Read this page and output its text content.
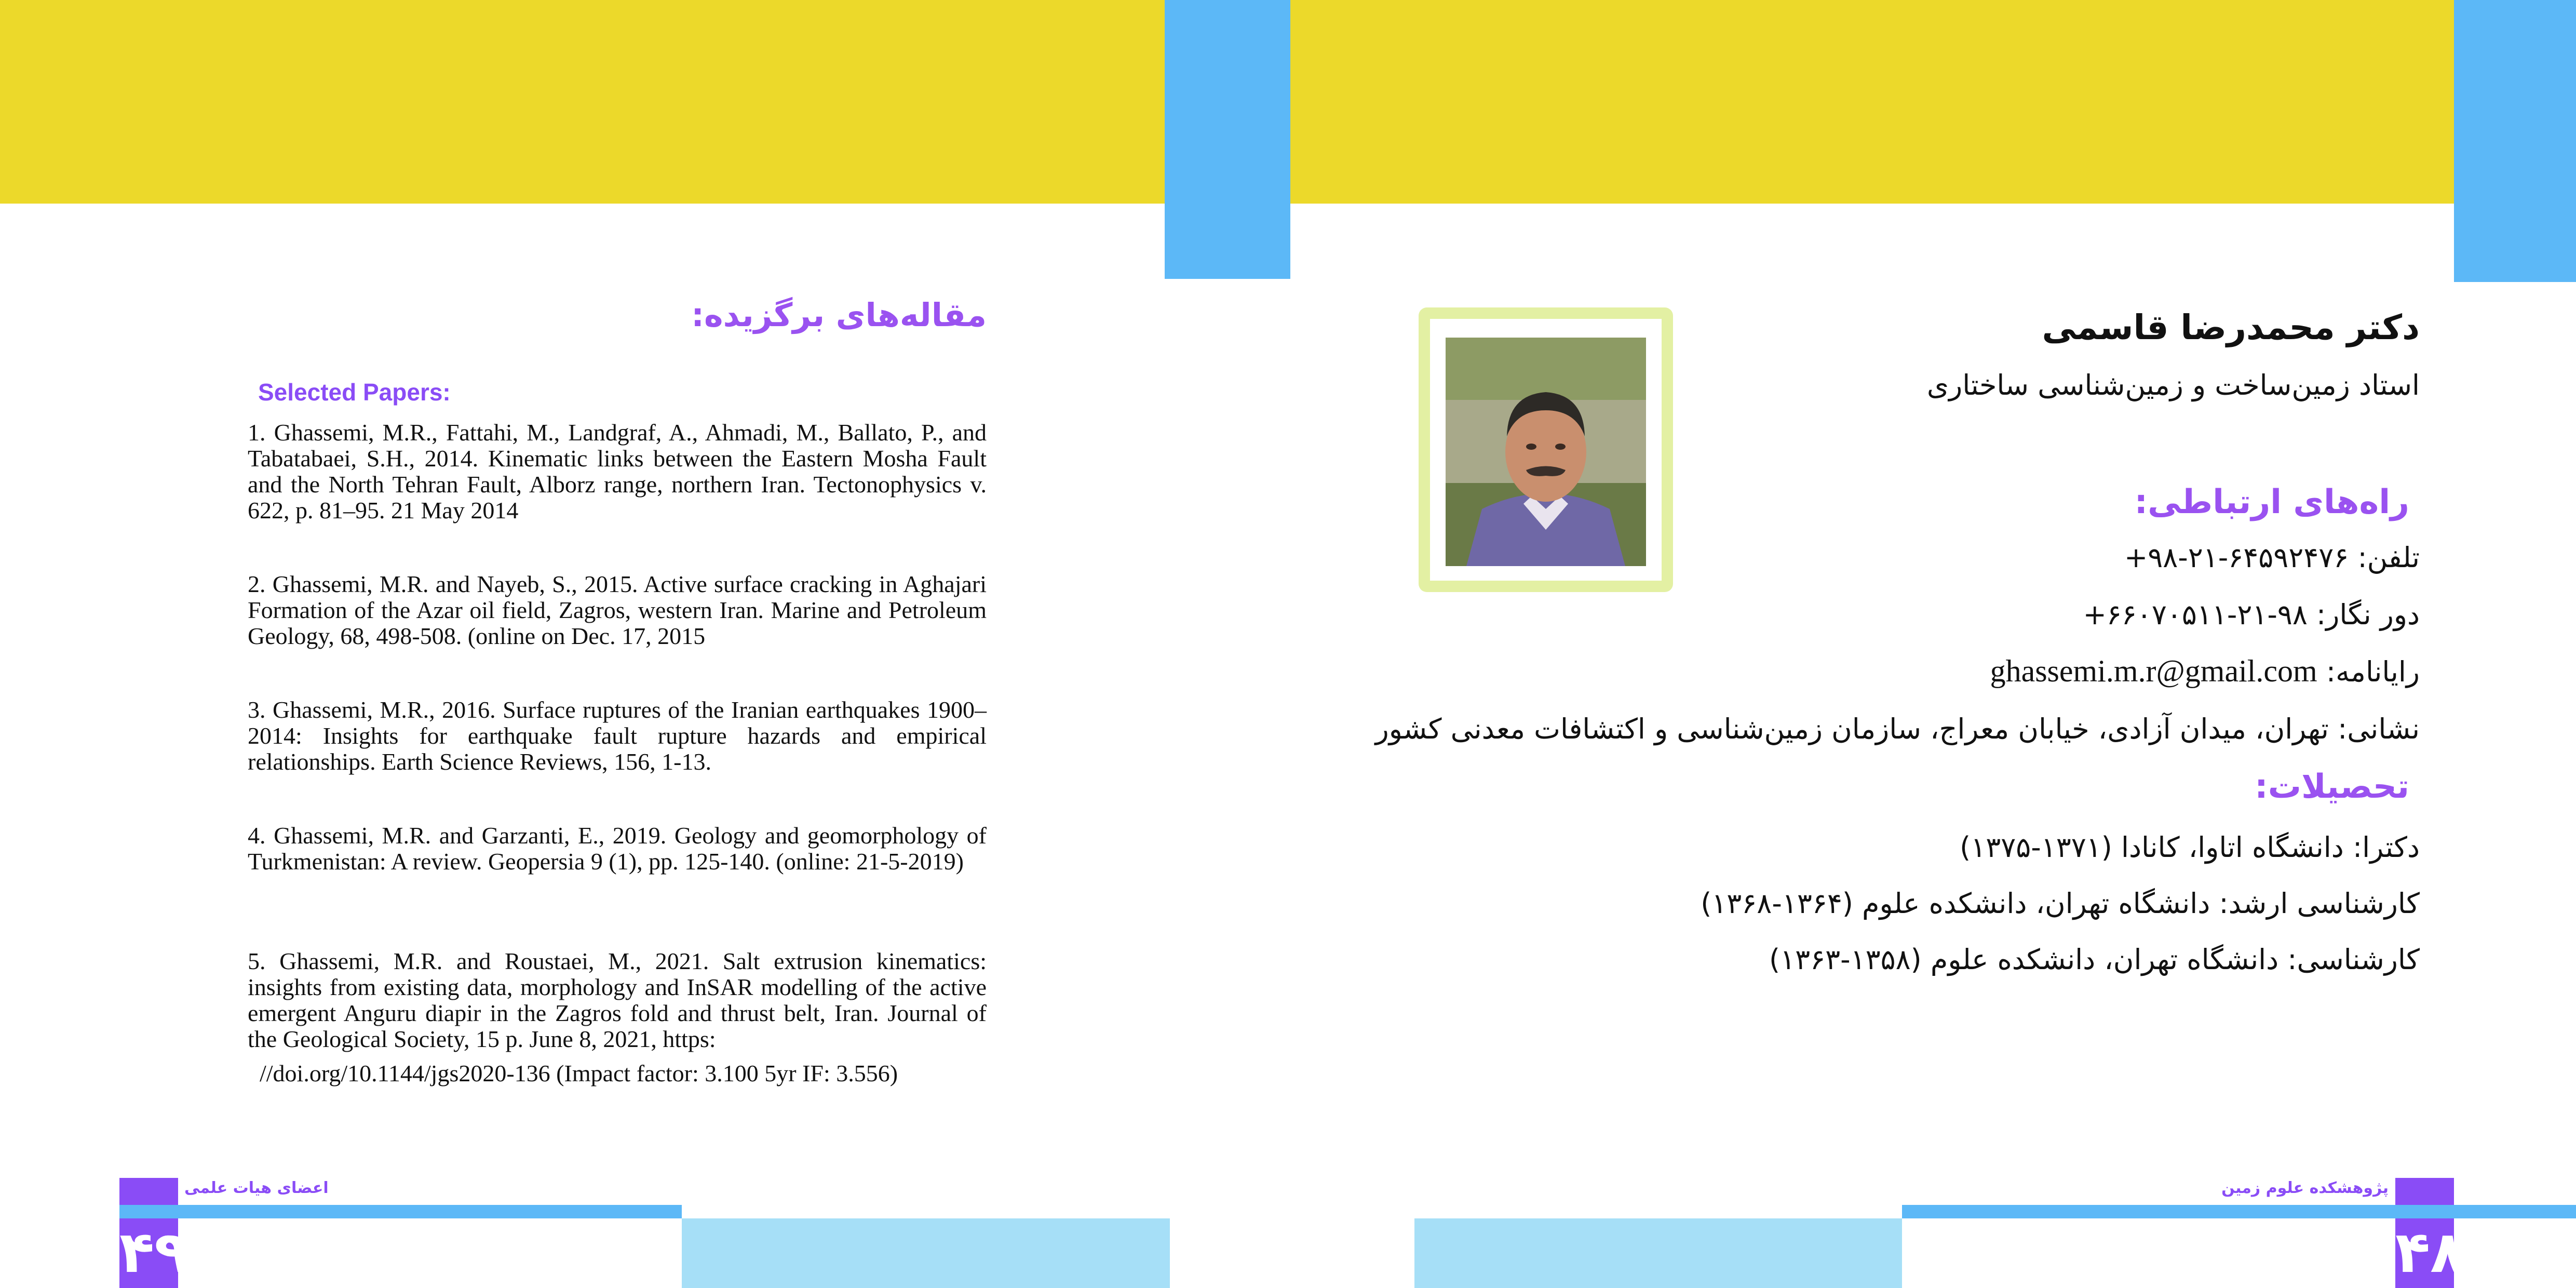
مقاله‌های برگزیده:
Selected Papers:

1. Ghassemi, M.R., Fattahi, M., Landgraf, A., Ahmadi, M., Ballato, P., and Tabatabaei, S.H., 2014. Kinematic links between the Eastern Mosha Fault and the North Tehran Fault, Alborz range, northern Iran. Tectonophysics v. 622, p. 81–95. 21 May 2014

2. Ghassemi, M.R. and Nayeb, S., 2015. Active surface cracking in Aghajari Formation of the Azar oil field, Zagros, western Iran. Marine and Petroleum Geology, 68, 498-508. (online on Dec. 17, 2015

3. Ghassemi, M.R., 2016. Surface ruptures of the Iranian earthquakes 1900–2014: Insights for earthquake fault rupture hazards and empirical relationships. Earth Science Reviews, 156, 1-13.

4. Ghassemi, M.R. and Garzanti, E., 2019. Geology and geomorphology of Turkmenistan: A review. Geopersia 9 (1), pp. 125-140. (online: 21-5-2019)

5. Ghassemi, M.R. and Roustaei, M., 2021. Salt extrusion kinematics: insights from existing data, morphology and InSAR modelling of the active emergent Anguru diapir in the Zagros fold and thrust belt, Iran. Journal of the Geological Society, 15 p. June 8, 2021, https:

//doi.org/10.1144/jgs2020-136 (Impact factor: 3.100 5yr IF: 3.556)
۴۹
اعضای هیات علمی
دکتر محمدرضا قاسمی
استاد زمین‌ساخت و زمین‌شناسی ساختاری
راه‌های ارتباطی:
تلفن: ۶۴۵۹۲۴۷۶-۲۱-۹۸+
دور نگار: ۹۸-۲۱-۶۶۰۷۰۵۱۱+
رایانامه: ghassemi.m.r@gmail.com
نشانی: تهران، میدان آزادی، خیابان معراج، سازمان زمین‌شناسی و اکتشافات معدنی کشور
تحصیلات:
دکترا: دانشگاه اتاوا، کانادا (۱۳۷۱-۱۳۷۵)
کارشناسی ارشد: دانشگاه تهران، دانشکده علوم (۱۳۶۴-۱۳۶۸)
کارشناسی: دانشگاه تهران، دانشکده علوم (۱۳۵۸-۱۳۶۳)
۴۸
پژوهشکده علوم زمین
